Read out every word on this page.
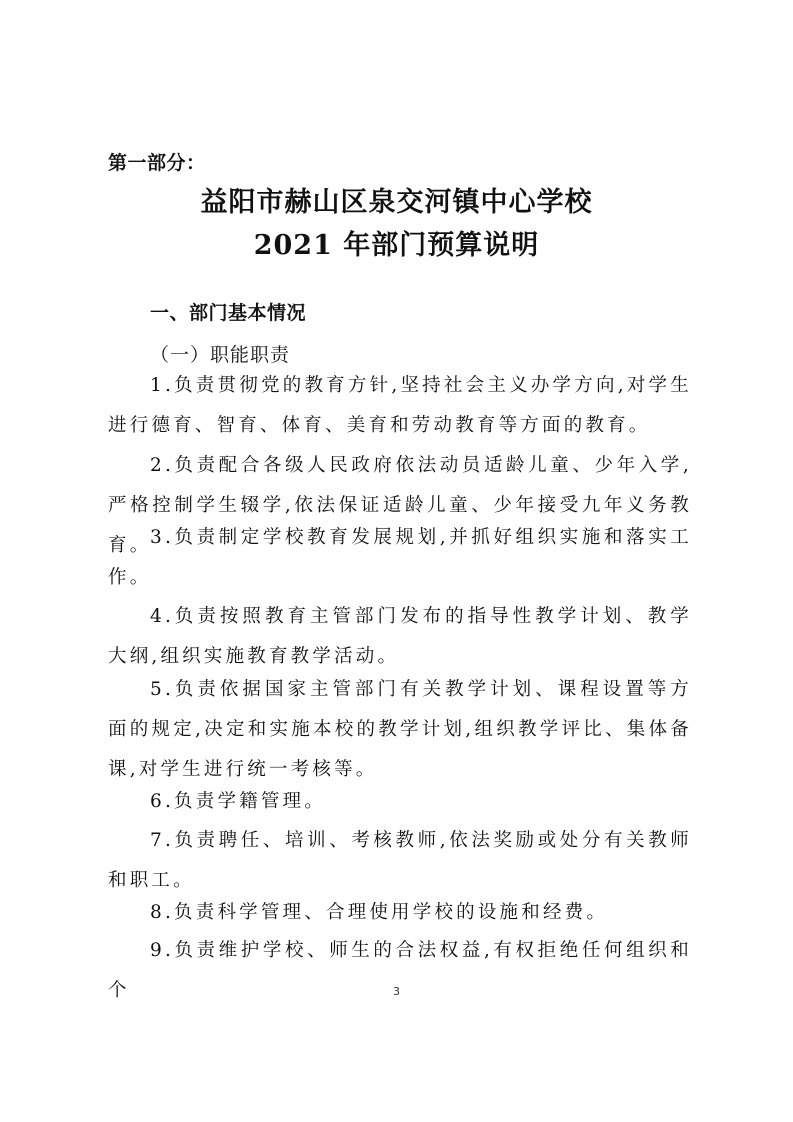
第一部分：
益阳市赫山区泉交河镇中心学校
2021 年部门预算说明
一、部门基本情况
（一）职能职责

1.负责贯彻党的教育方针,坚持社会主义办学方向,对学生进行德育、智育、体育、美育和劳动教育等方面的教育。

2.负责配合各级人民政府依法动员适龄儿童、少年入学,严格控制学生辍学,依法保证适龄儿童、少年接受九年义务教育。

3.负责制定学校教育发展规划,并抓好组织实施和落实工作。

4.负责按照教育主管部门发布的指导性教学计划、教学大纲,组织实施教育教学活动。

5.负责依据国家主管部门有关教学计划、课程设置等方面的规定,决定和实施本校的教学计划,组织教学评比、集体备课,对学生进行统一考核等。

6.负责学籍管理。

7.负责聘任、培训、考核教师,依法奖励或处分有关教师和职工。

8.负责科学管理、合理使用学校的设施和经费。

9.负责维护学校、师生的合法权益,有权拒绝任何组织和个	3
